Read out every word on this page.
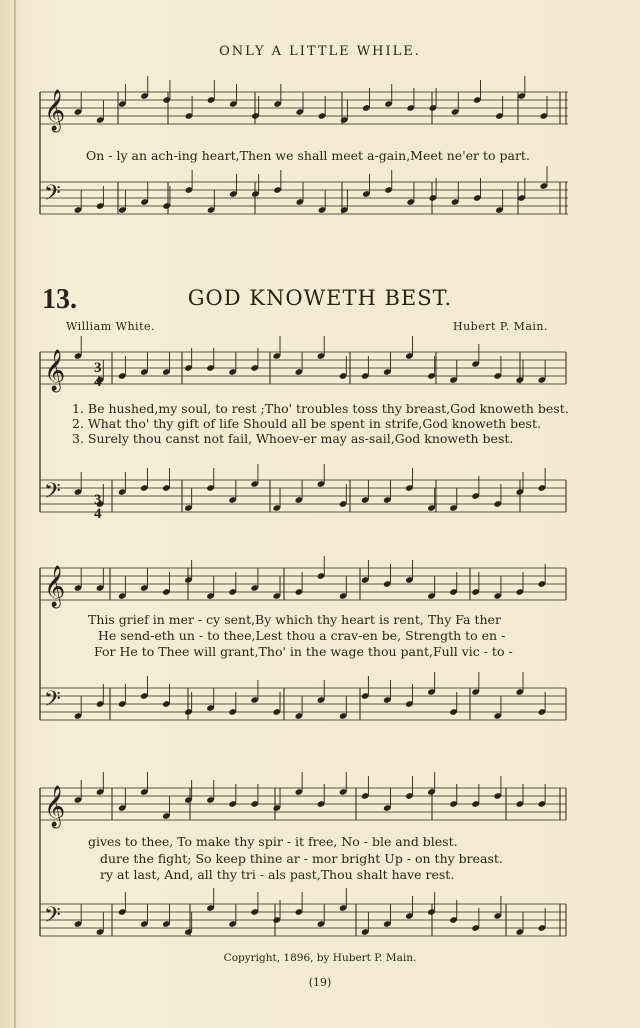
𝄞
𝄢
𝄞
𝄢
𝄞
𝄢
𝄞
𝄢
3
4
3
4
ONLY A LITTLE WHILE.
On - ly an ach-ing heart,Then we shall meet a-gain,Meet ne'er to part.
13.	GOD KNOWETH BEST.
William White.	Hubert P. Main.
1. Be hushed,my soul, to rest ;Tho' troubles toss thy breast,God knoweth best.
2. What tho' thy gift of life Should all be spent in strife,God knoweth best.
3. Surely thou canst not fail, Whoev-er may as-sail,God knoweth best.
This grief in mer - cy sent,By which thy heart is rent, Thy Fa ther
He send-eth un - to thee,Lest thou a crav-en be, Strength to en -
For He to Thee will grant,Tho' in the wage thou pant,Full vic - to -
gives to thee, To make thy spir - it free, No - ble and blest.
dure the fight; So keep thine ar - mor bright Up - on thy breast.
ry at last, And, all thy tri - als past,Thou shalt have rest.
Copyright, 1896, by Hubert P. Main.
(19)
